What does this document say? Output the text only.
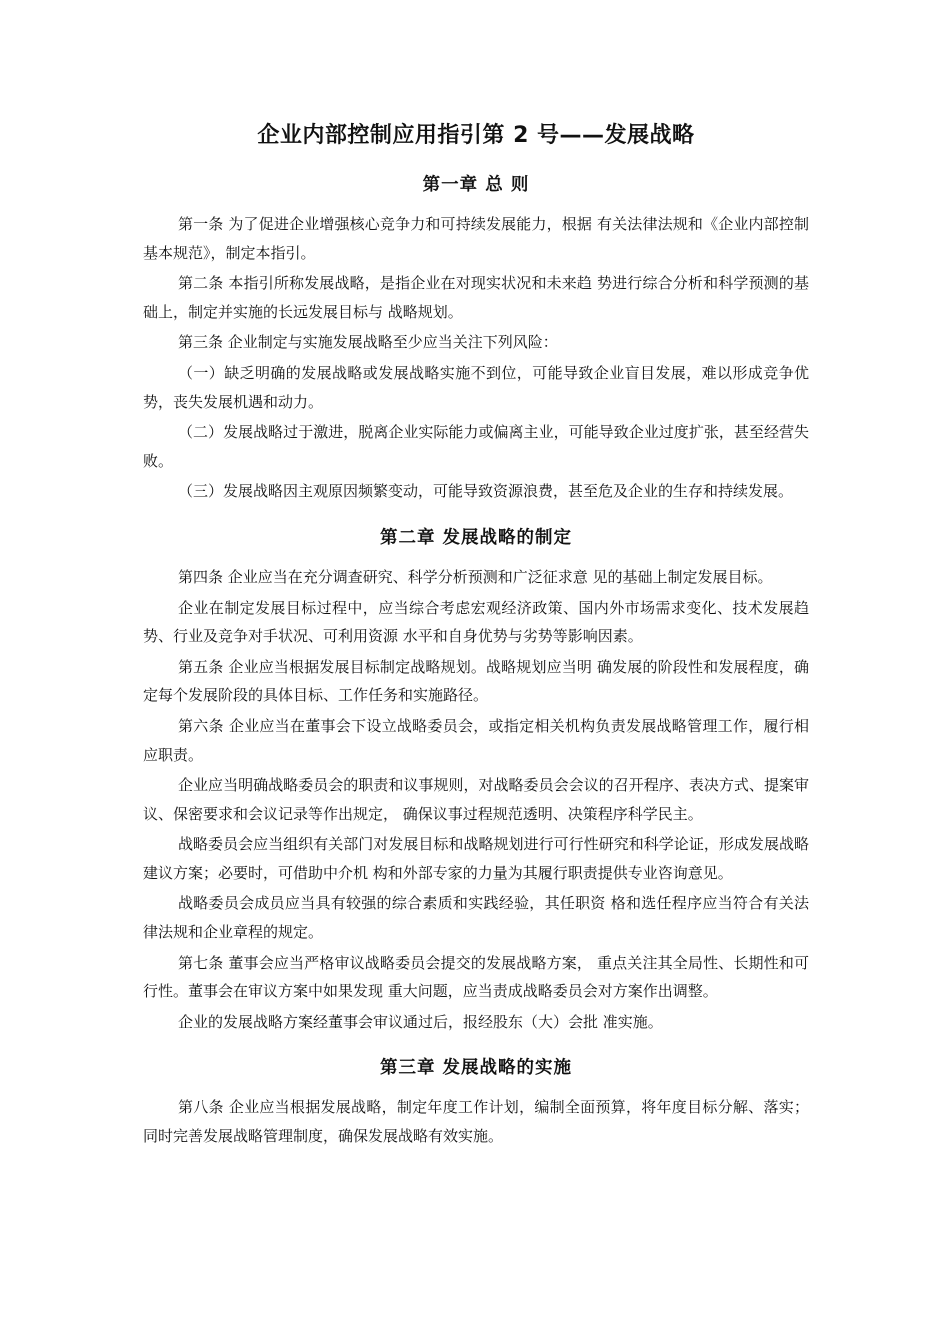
企业内部控制应用指引第 2 号——发展战略
第一章 总 则

第一条 为了促进企业增强核心竞争力和可持续发展能力，根据 有关法律法规和《企业内部控制基本规范》，制定本指引。

第二条 本指引所称发展战略，是指企业在对现实状况和未来趋 势进行综合分析和科学预测的基础上，制定并实施的长远发展目标与 战略规划。

第三条 企业制定与实施发展战略至少应当关注下列风险：

（一）缺乏明确的发展战略或发展战略实施不到位，可能导致企业盲目发展，难以形成竞争优势，丧失发展机遇和动力。

（二）发展战略过于激进，脱离企业实际能力或偏离主业，可能导致企业过度扩张，甚至经营失败。

（三）发展战略因主观原因频繁变动，可能导致资源浪费，甚至危及企业的生存和持续发展。

第二章 发展战略的制定

第四条 企业应当在充分调查研究、科学分析预测和广泛征求意 见的基础上制定发展目标。

企业在制定发展目标过程中，应当综合考虑宏观经济政策、国内外市场需求变化、技术发展趋势、行业及竞争对手状况、可利用资源 水平和自身优势与劣势等影响因素。

第五条 企业应当根据发展目标制定战略规划。战略规划应当明 确发展的阶段性和发展程度，确定每个发展阶段的具体目标、工作任务和实施路径。

第六条 企业应当在董事会下设立战略委员会，或指定相关机构负责发展战略管理工作，履行相应职责。

企业应当明确战略委员会的职责和议事规则，对战略委员会会议的召开程序、表决方式、提案审议、保密要求和会议记录等作出规定， 确保议事过程规范透明、决策程序科学民主。

战略委员会应当组织有关部门对发展目标和战略规划进行可行性研究和科学论证，形成发展战略建议方案；必要时，可借助中介机 构和外部专家的力量为其履行职责提供专业咨询意见。

战略委员会成员应当具有较强的综合素质和实践经验，其任职资 格和选任程序应当符合有关法律法规和企业章程的规定。

第七条 董事会应当严格审议战略委员会提交的发展战略方案， 重点关注其全局性、长期性和可行性。董事会在审议方案中如果发现 重大问题，应当责成战略委员会对方案作出调整。

企业的发展战略方案经董事会审议通过后，报经股东（大）会批 准实施。

第三章 发展战略的实施

第八条 企业应当根据发展战略，制定年度工作计划，编制全面预算，将年度目标分解、落实；同时完善发展战略管理制度，确保发展战略有效实施。
